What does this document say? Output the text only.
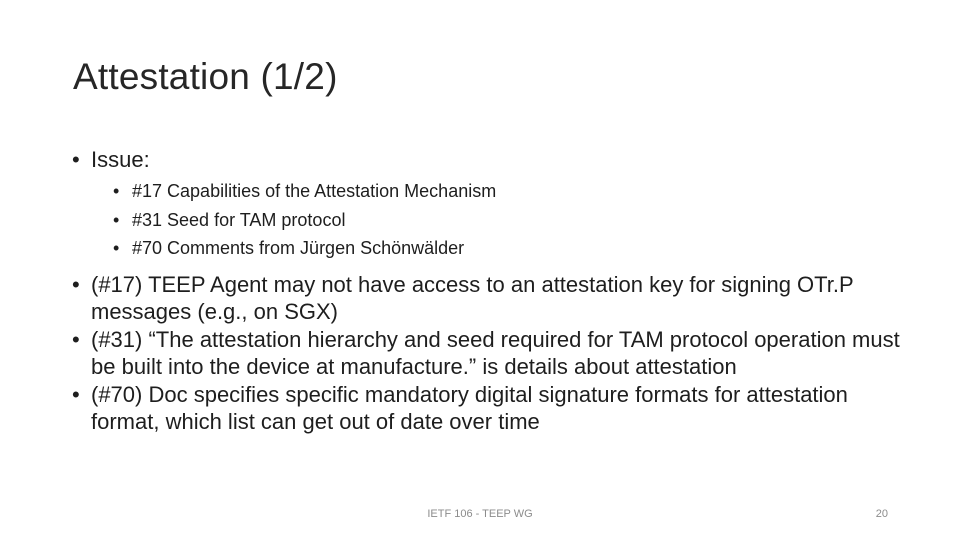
Attestation (1/2)
• Issue:
• #17 Capabilities of the Attestation Mechanism
• #31 Seed for TAM protocol
• #70 Comments from Jürgen Schönwälder
• (#17) TEEP Agent may not have access to an attestation key for signing OTr.P messages (e.g., on SGX)
• (#31) “The attestation hierarchy and seed required for TAM protocol operation must be built into the device at manufacture.” is details about attestation
• (#70) Doc specifies specific mandatory digital signature formats for attestation format, which list can get out of date over time
IETF 106 - TEEP WG	20
